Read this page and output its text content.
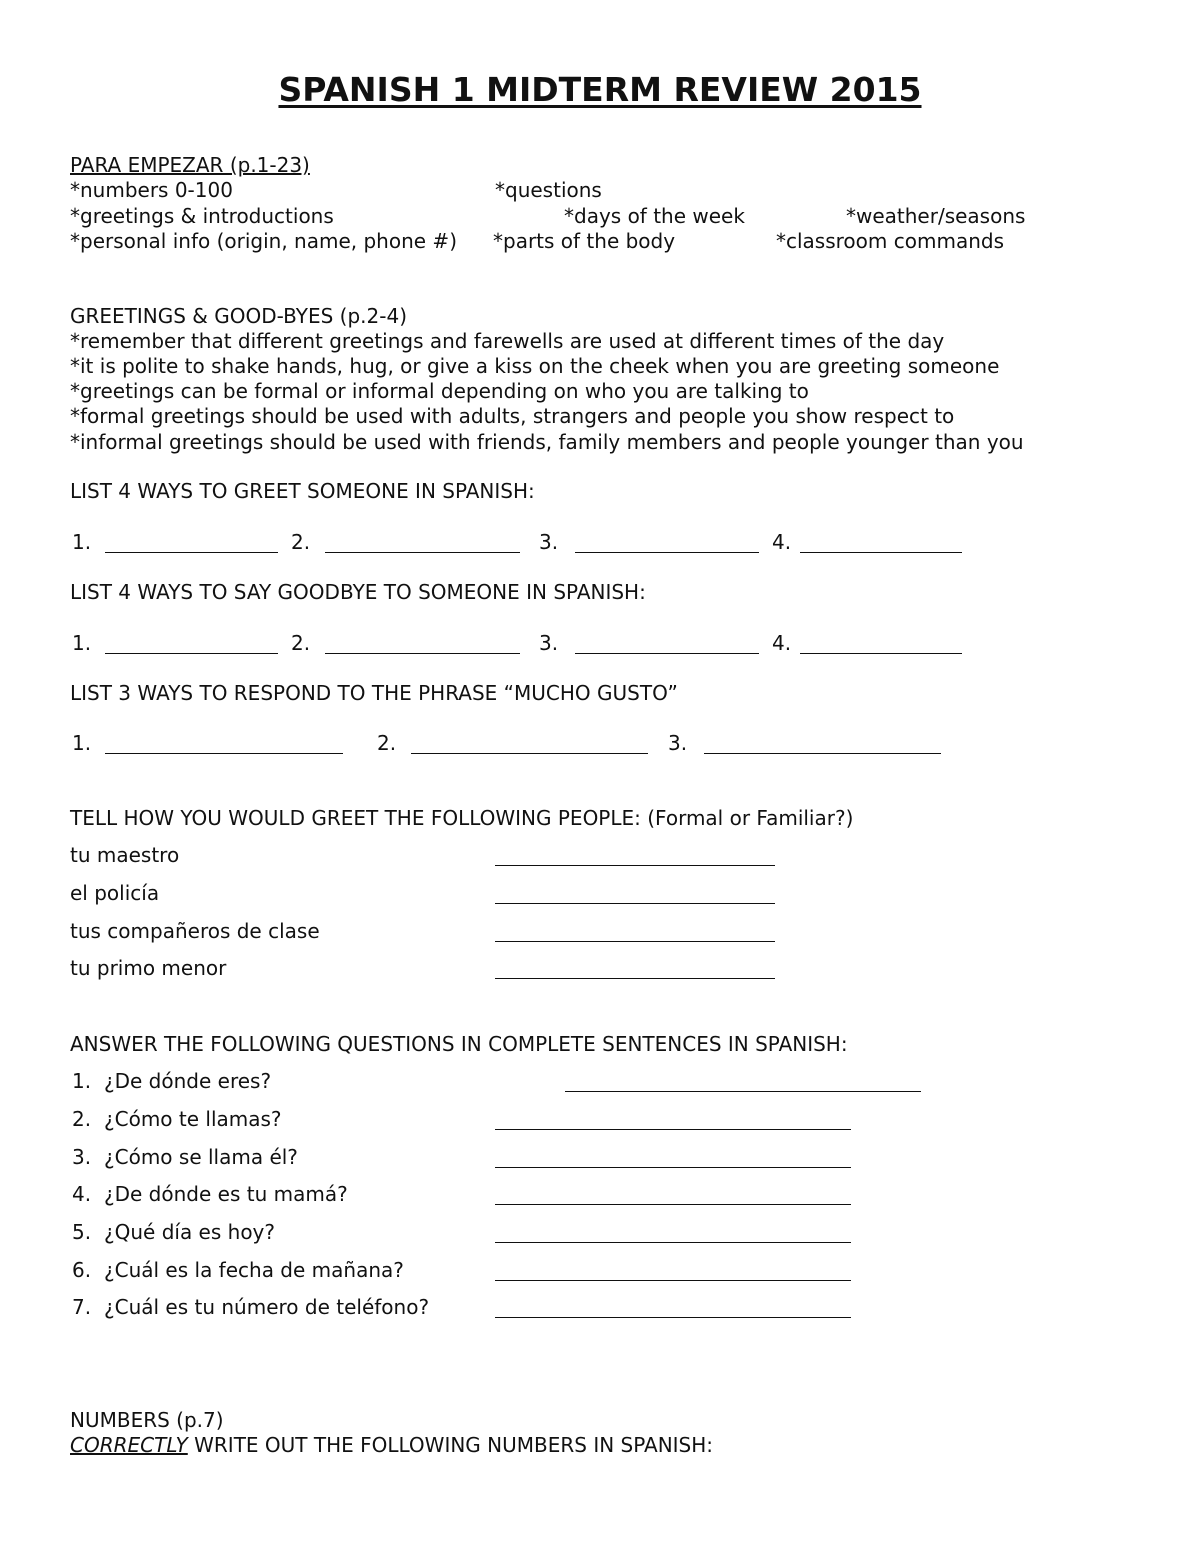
SPANISH 1 MIDTERM REVIEW 2015
PARA EMPEZAR (p.1-23)
*numbers 0-100	*questions
*greetings & introductions	*days of the week	*weather/seasons
*personal info (origin, name, phone #) *parts of the body	*classroom commands
GREETINGS & GOOD-BYES (p.2-4)
*remember that different greetings and farewells are used at different times of the day
*it is polite to shake hands, hug, or give a kiss on the cheek when you are greeting someone
*greetings can be formal or informal depending on who you are talking to
*formal greetings should be used with adults, strangers and people you show respect to
*informal greetings should be used with friends, family members and people younger than you
LIST 4 WAYS TO GREET SOMEONE IN SPANISH:
1.	2.	3.	4.
LIST 4 WAYS TO SAY GOODBYE TO SOMEONE IN SPANISH:
1.	2.	3.	4.
LIST 3 WAYS TO RESPOND TO THE PHRASE “MUCHO GUSTO”
1.	2.	3.
TELL HOW YOU WOULD GREET THE FOLLOWING PEOPLE: (Formal or Familiar?)
tu maestro
el policía
tus compañeros de clase
tu primo menor
ANSWER THE FOLLOWING QUESTIONS IN COMPLETE SENTENCES IN SPANISH:
1. ¿De dónde eres?
2. ¿Cómo te llamas?
3. ¿Cómo se llama él?
4. ¿De dónde es tu mamá?
5. ¿Qué día es hoy?
6. ¿Cuál es la fecha de mañana?
7. ¿Cuál es tu número de teléfono?
NUMBERS (p.7)
CORRECTLY WRITE OUT THE FOLLOWING NUMBERS IN SPANISH:
